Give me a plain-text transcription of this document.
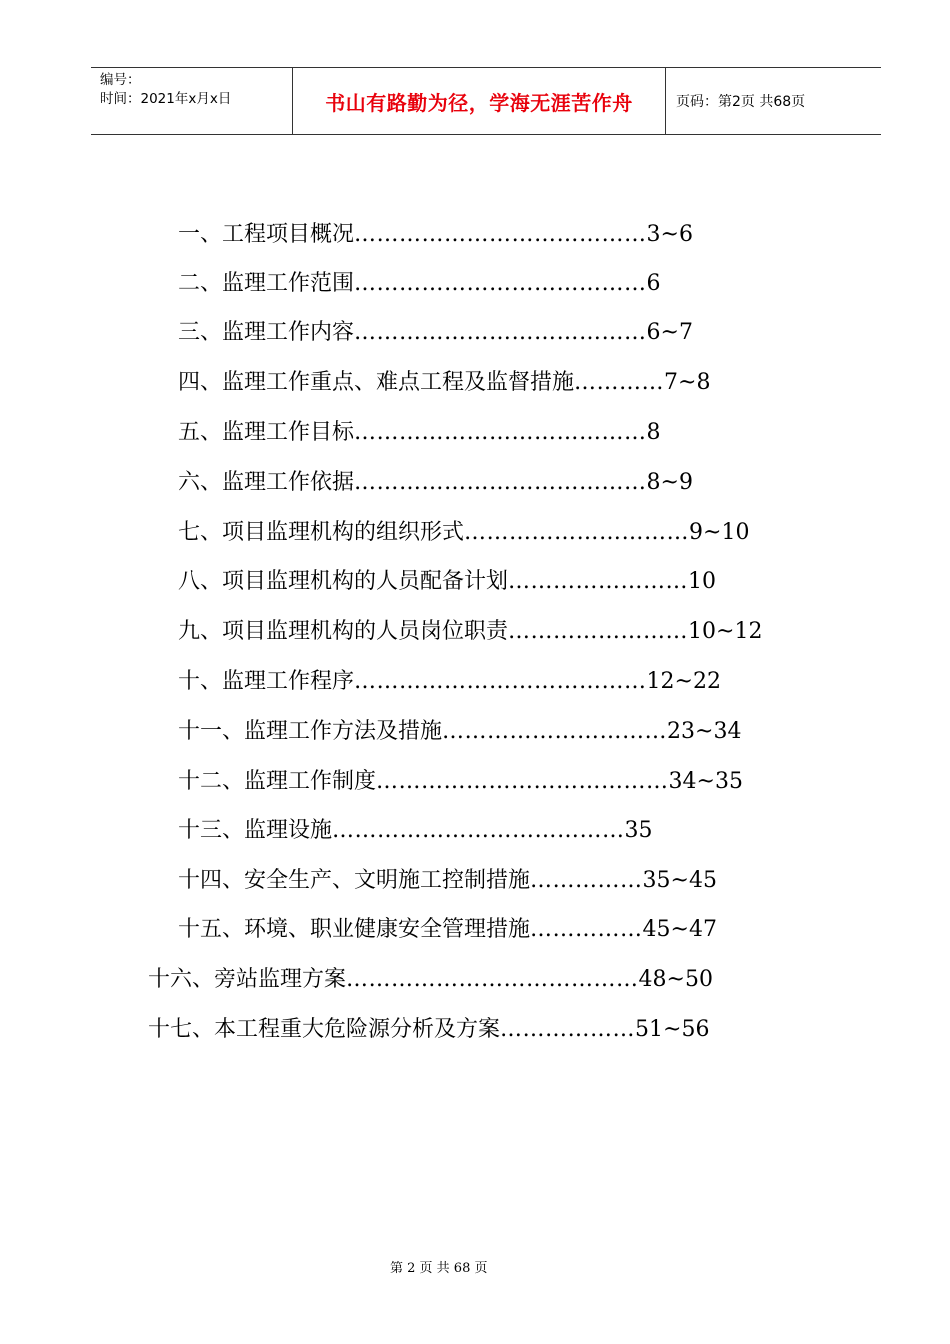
编号：
时间：2021年x月x日	书山有路勤为径，学海无涯苦作舟	页码：第2页 共68页
一、工程项目概况…………………………………3~6
二、监理工作范围…………………………………6
三、监理工作内容…………………………………6~7
四、监理工作重点、难点工程及监督措施…………7~8
五、监理工作目标…………………………………8
六、监理工作依据…………………………………8~9
七、项目监理机构的组织形式…………………………9~10
八、项目监理机构的人员配备计划……………………10
九、项目监理机构的人员岗位职责……………………10~12
十、监理工作程序…………………………………12~22
十一、监理工作方法及措施…………………………23~34
十二、监理工作制度…………………………………34~35
十三、监理设施…………………………………35
十四、安全生产、文明施工控制措施……………35~45
十五、环境、职业健康安全管理措施……………45~47
十六、旁站监理方案…………………………………48~50
十七、本工程重大危险源分析及方案………………51~56
第 2 页 共 68 页
